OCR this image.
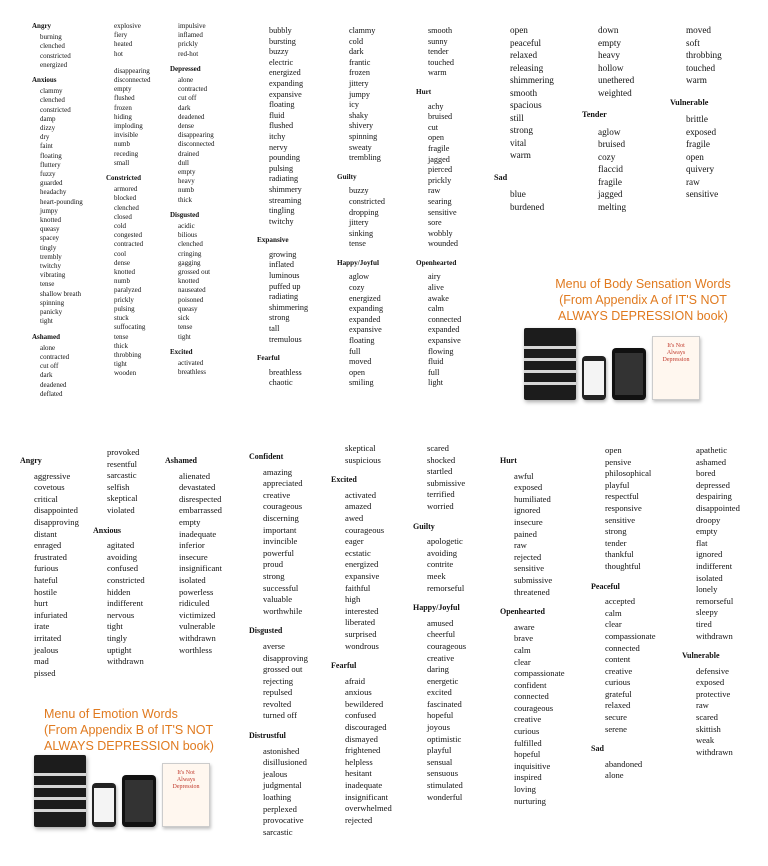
Angry
burning
clenched
constricted
energized
Anxious
clammy
clenched
constricted
damp
dizzy
dry
faint
floating
fluttery
fuzzy
guarded
headachy
heart-pounding
jumpy
knotted
queasy
spacey
tingly
trembly
twitchy
vibrating
tense
shallow breath
spinning
panicky
tight
Ashamed
alone
contracted
cut off
dark
deadened
deflated
explosive
fiery
heated
hot
disappearing
disconnected
empty
flushed
frozen
hiding
imploding
invisible
numb
receding
small
Constricted
armored
blocked
clenched
closed
cold
congested
contracted
cool
dense
knotted
numb
paralyzed
prickly
pulsing
stuck
suffocating
tense
thick
throbbing
tight
wooden
impulsive
inflamed
prickly
red-hot
Depressed
alone
contracted
cut off
dark
deadened
dense
disappearing
disconnected
drained
dull
empty
heavy
numb
thick
Disgusted
acidic
bilious
clenched
cringing
gagging
grossed out
knotted
nauseated
poisoned
queasy
sick
tense
tight
Excited
activated
breathless
bubbly
bursting
buzzy
electric
energized
expanding
expansive
floating
fluid
flushed
itchy
nervy
pounding
pulsing
radiating
shimmery
streaming
tingling
twitchy
Expansive
growing
inflated
luminous
puffed up
radiating
shimmering
strong
tall
tremulous
Fearful
breathless
chaotic
clammy
cold
dark
frantic
frozen
jittery
jumpy
icy
shaky
shivery
spinning
sweaty
trembling
Guilty
buzzy
constricted
dropping
jittery
sinking
tense
Happy/Joyful
aglow
cozy
energized
expanding
expanded
expansive
floating
full
moved
open
smiling
smooth
sunny
tender
touched
warm
Hurt
achy
bruised
cut
open
fragile
jagged
pierced
prickly
raw
searing
sensitive
sore
wobbly
wounded
Openhearted
airy
alive
awake
calm
connected
expanded
expansive
flowing
fluid
full
light
open
peaceful
relaxed
releasing
shimmering
smooth
spacious
still
strong
vital
warm
Sad
blue
burdened
down
empty
heavy
hollow
unethered
weighted
Tender
aglow
bruised
cozy
flaccid
fragile
jagged
melting
moved
soft
throbbing
touched
warm
Vulnerable
brittle
exposed
fragile
open
quivery
raw
sensitive
Menu of Body Sensation Words
(From Appendix A of IT'S NOT
ALWAYS DEPRESSION book)
It's Not
Always
Depression
Angry
aggressive
covetous
critical
disappointed
disapproving
distant
enraged
frustrated
furious
hateful
hostile
hurt
infuriated
irate
irritated
jealous
mad
pissed
provoked
resentful
sarcastic
selfish
skeptical
violated
Anxious
agitated
avoiding
confused
constricted
hidden
indifferent
nervous
tight
tingly
uptight
withdrawn
Ashamed
alienated
devastated
disrespected
embarrassed
empty
inadequate
inferior
insecure
insignificant
isolated
powerless
ridiculed
victimized
vulnerable
withdrawn
worthless
Confident
amazing
appreciated
creative
courageous
discerning
important
invincible
powerful
proud
strong
successful
valuable
worthwhile
Disgusted
averse
disapproving
grossed out
rejecting
repulsed
revolted
turned off
Distrustful
astonished
disillusioned
jealous
judgmental
loathing
perplexed
provocative
sarcastic
skeptical
suspicious
Excited
activated
amazed
awed
courageous
eager
ecstatic
energized
expansive
faithful
high
interested
liberated
surprised
wondrous
Fearful
afraid
anxious
bewildered
confused
discouraged
dismayed
frightened
helpless
hesitant
inadequate
insignificant
overwhelmed
rejected
scared
shocked
startled
submissive
terrified
worried
Guilty
apologetic
avoiding
contrite
meek
remorseful
Happy/Joyful
amused
cheerful
courageous
creative
daring
energetic
excited
fascinated
hopeful
joyous
optimistic
playful
sensual
sensuous
stimulated
wonderful
Hurt
awful
exposed
humiliated
ignored
insecure
pained
raw
rejected
sensitive
submissive
threatened
Openhearted
aware
brave
calm
clear
compassionate
confident
connected
courageous
creative
curious
fulfilled
hopeful
inquisitive
inspired
loving
nurturing
open
pensive
philosophical
playful
respectful
responsive
sensitive
strong
tender
thankful
thoughtful
Peaceful
accepted
calm
clear
compassionate
connected
content
creative
curious
grateful
relaxed
secure
serene
Sad
abandoned
alone
apathetic
ashamed
bored
depressed
despairing
disappointed
droopy
empty
flat
ignored
indifferent
isolated
lonely
remorseful
sleepy
tired
withdrawn
Vulnerable
defensive
exposed
protective
raw
scared
skittish
weak
withdrawn
Menu of Emotion Words
(From Appendix B of IT'S NOT
ALWAYS DEPRESSION book)
It's Not
Always
Depression
